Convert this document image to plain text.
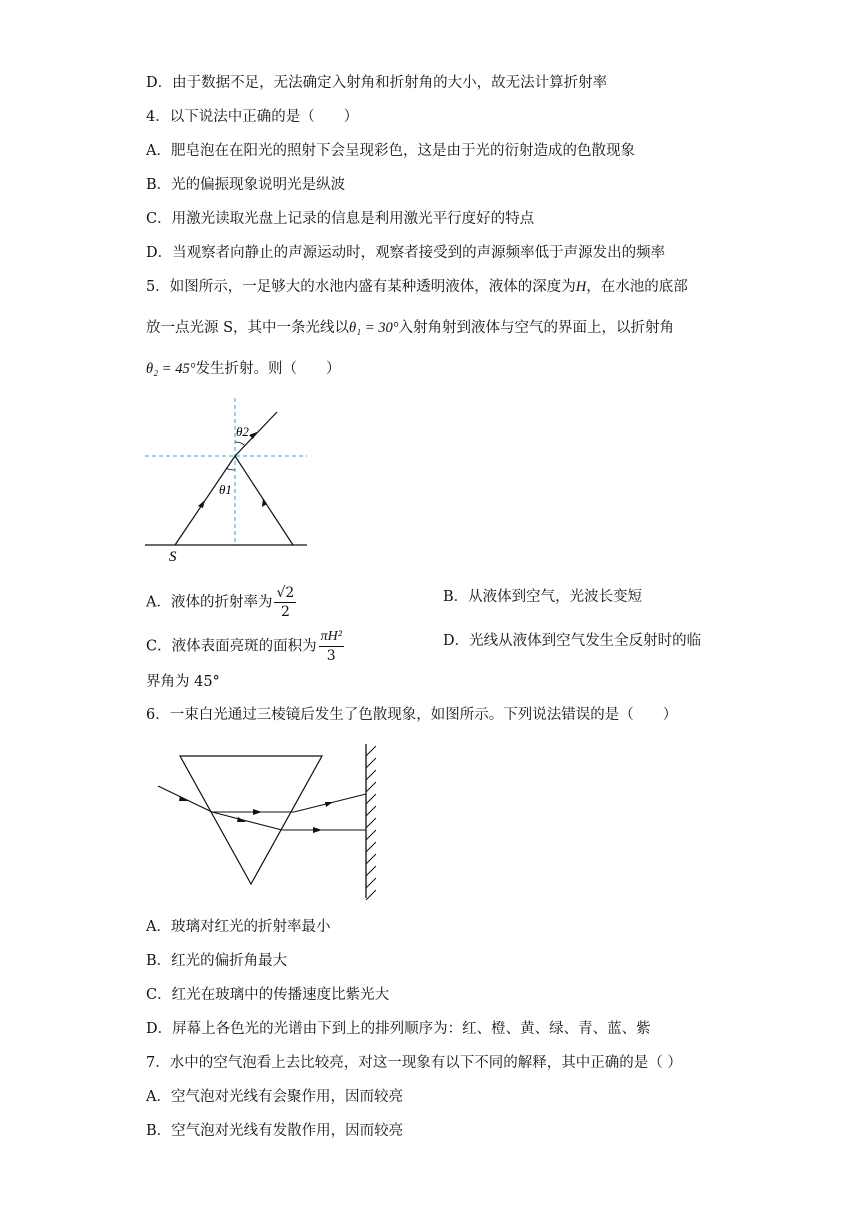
D．由于数据不足，无法确定入射角和折射角的大小，故无法计算折射率
4．以下说法中正确的是（　　）
A．肥皂泡在在阳光的照射下会呈现彩色，这是由于光的衍射造成的色散现象
B．光的偏振现象说明光是纵波
C．用激光读取光盘上记录的信息是利用激光平行度好的特点
D．当观察者向静止的声源运动时，观察者接受到的声源频率低于声源发出的频率
5．如图所示，一足够大的水池内盛有某种透明液体，液体的深度为H，在水池的底部
放一点光源 S，其中一条光线以θ₁ = 30°入射角射到液体与空气的界面上，以折射角
θ₂ = 45°发生折射。则（　　）
θ2
θ1
S
A．液体的折射率为 $\frac{√2}{2}$	B．从液体到空气，光波长变短
C．液体表面亮斑的面积为 $\frac{\text{πH²}}{3}$	D．光线从液体到空气发生全反射时的临
界角为 45°
6．一束白光通过三棱镜后发生了色散现象，如图所示。下列说法错误的是（　　）
A．玻璃对红光的折射率最小
B．红光的偏折角最大
C．红光在玻璃中的传播速度比紫光大
D．屏幕上各色光的光谱由下到上的排列顺序为：红、橙、黄、绿、青、蓝、紫
7．水中的空气泡看上去比较亮，对这一现象有以下不同的解释，其中正确的是（ ）
A．空气泡对光线有会聚作用，因而较亮
B．空气泡对光线有发散作用，因而较亮
